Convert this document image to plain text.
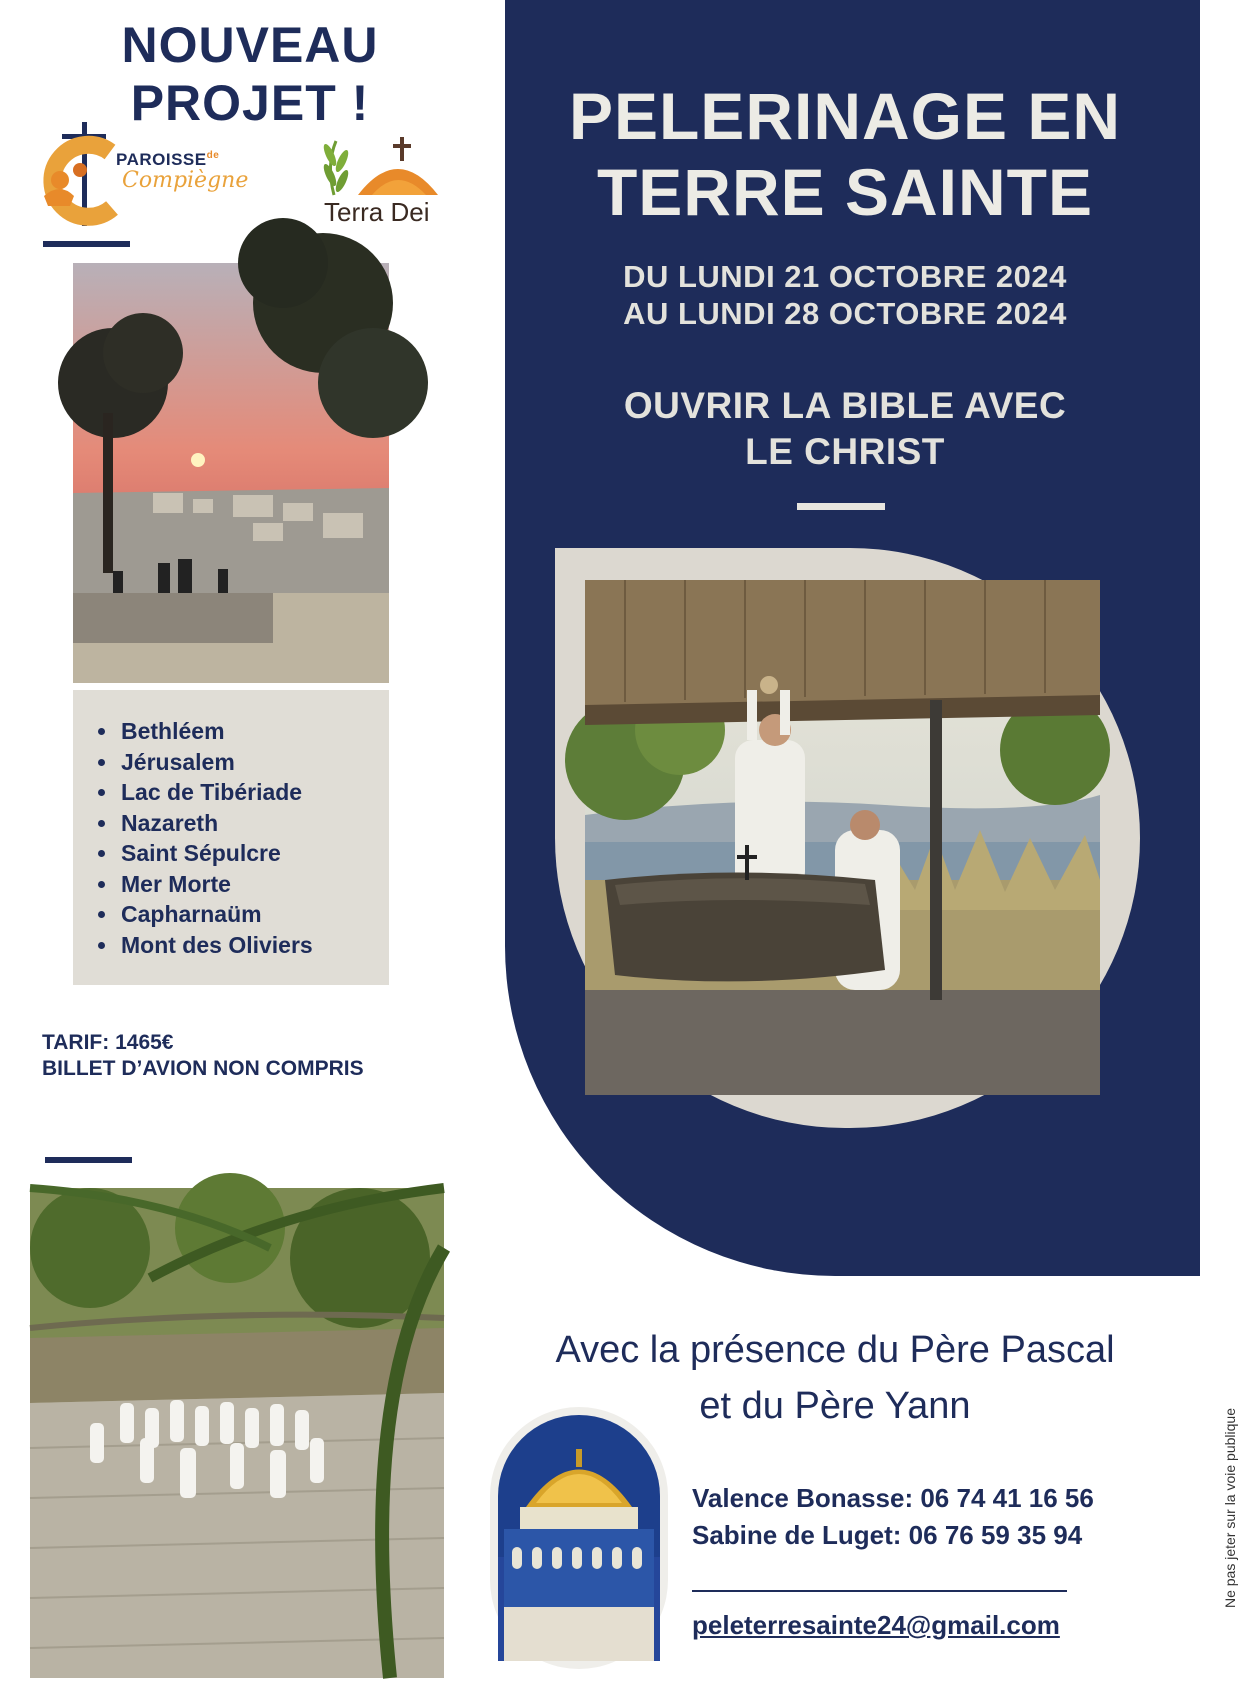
PELERINAGE EN
TERRE SAINTE
DU LUNDI 21 OCTOBRE 2024
AU LUNDI 28 OCTOBRE 2024
OUVRIR LA BIBLE AVEC
LE CHRIST
NOUVEAU PROJET !
$PAROISSE^{de}$
Compiègne
Terra Dei
• Bethléem
• Jérusalem
• Lac de Tibériade
• Nazareth
• Saint Sépulcre
• Mer Morte
• Capharnaüm
• Mont des Oliviers
TARIF: 1465€
BILLET D’AVION NON COMPRIS
Avec la présence du Père Pascal
et du Père Yann
Valence Bonasse: 06 74 41 16 56
Sabine de Luget: 06 76 59 35 94
peleterresainte24@gmail.com
Ne pas jeter sur la voie publique
